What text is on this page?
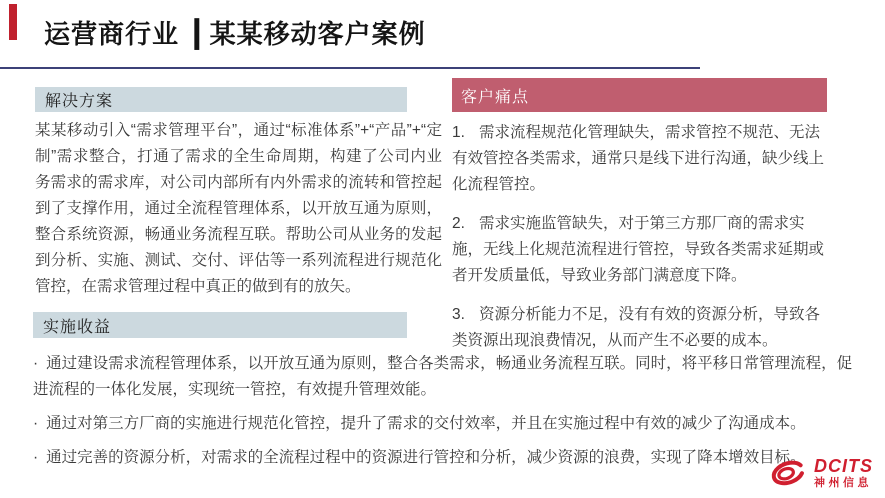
运营商行业 ┃ 某某移动客户案例
解决方案
某某移动引入“需求管理平台”，通过“标准体系”+“产品”+“定制”需求整合，打通了需求的全生命周期，构建了公司内业务需求的需求库，对公司内部所有内外需求的流转和管控起到了支撑作用，通过全流程管理体系，以开放互通为原则，整合系统资源，畅通业务流程互联。帮助公司从业务的发起到分析、实施、测试、交付、评估等一系列流程进行规范化管控，在需求管理过程中真正的做到有的放矢。
客户痛点
1. 需求流程规范化管理缺失，需求管控不规范、无法有效管控各类需求，通常只是线下进行沟通，缺少线上化流程管控。
2. 需求实施监管缺失，对于第三方那厂商的需求实施，无线上化规范流程进行管控，导致各类需求延期或者开发质量低，导致业务部门满意度下降。
3. 资源分析能力不足，没有有效的资源分析，导致各类资源出现浪费情况，从而产生不必要的成本。
实施收益
· 通过建设需求流程管理体系，以开放互通为原则，整合各类需求，畅通业务流程互联。同时，将平移日常管理流程，促进流程的一体化发展，实现统一管控，有效提升管理效能。
· 通过对第三方厂商的实施进行规范化管控，提升了需求的交付效率，并且在实施过程中有效的减少了沟通成本。
· 通过完善的资源分析，对需求的全流程过程中的资源进行管控和分析，减少资源的浪费，实现了降本增效目标。 DCITS
神州信息
